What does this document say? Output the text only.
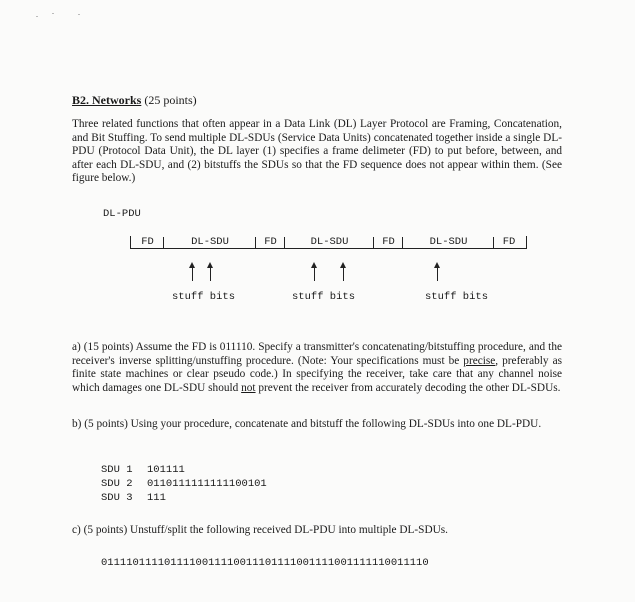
B2. Networks (25 points)
Three related functions that often appear in a Data Link (DL) Layer Protocol are Framing, Concatenation, and Bit Stuffing. To send multiple DL-SDUs (Service Data Units) concatenated together inside a single DL-PDU (Protocol Data Unit), the DL layer (1) specifies a frame delimeter (FD) to put before, between, and after each DL-SDU, and (2) bitstuffs the SDUs so that the FD sequence does not appear within them. (See figure below.)
DL-PDU
FD	DL-SDU	FD	DL-SDU	FD	DL-SDU	FD
stuff bits	stuff bits	stuff bits
a) (15 points) Assume the FD is 011110. Specify a transmitter's concatenating/bitstuffing procedure, and the receiver's inverse splitting/unstuffing procedure. (Note: Your specifications must be precise, preferably as finite state machines or clear pseudo code.) In specifying the receiver, take care that any channel noise which damages one DL-SDU should not prevent the receiver from accurately decoding the other DL-SDUs.
b) (5 points) Using your procedure, concatenate and bitstuff the following DL-SDUs into one DL-PDU.
SDU 1 101111
SDU 2 0110111111111100101
SDU 3 111
c) (5 points) Unstuff/split the following received DL-PDU into multiple DL-SDUs.
0111101111011110011110011101111001111001111110011110
